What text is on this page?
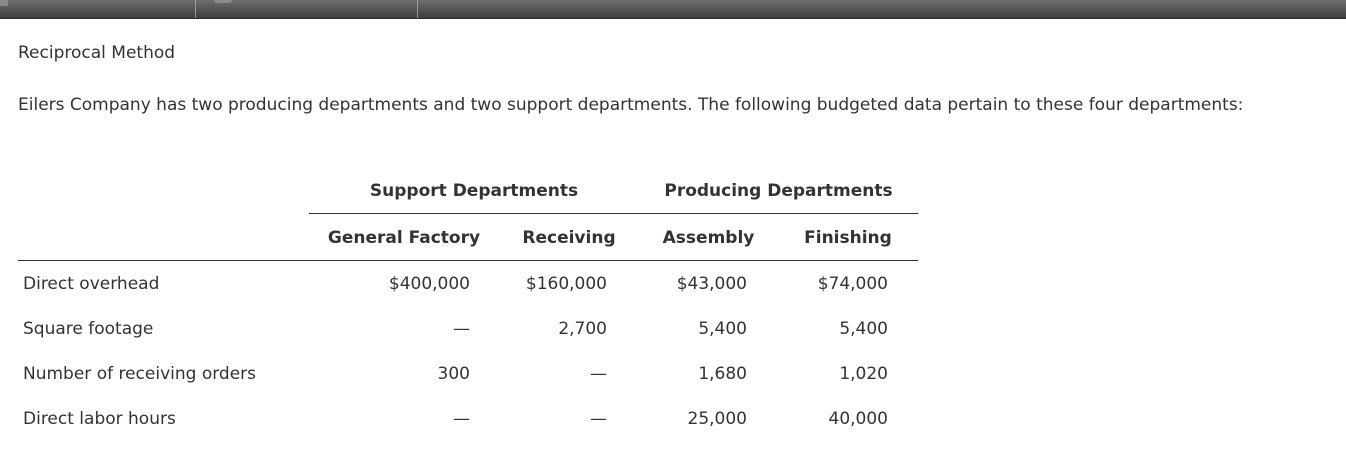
Reciprocal Method
Eilers Company has two producing departments and two support departments. The following budgeted data pertain to these four departments:
Support Departments	Producing Departments
General Factory	Receiving	Assembly	Finishing
Direct overhead	$400,000	$160,000	$43,000	$74,000
Square footage	—	2,700	5,400	5,400
Number of receiving orders	300	—	1,680	1,020
Direct labor hours	—	—	25,000	40,000
